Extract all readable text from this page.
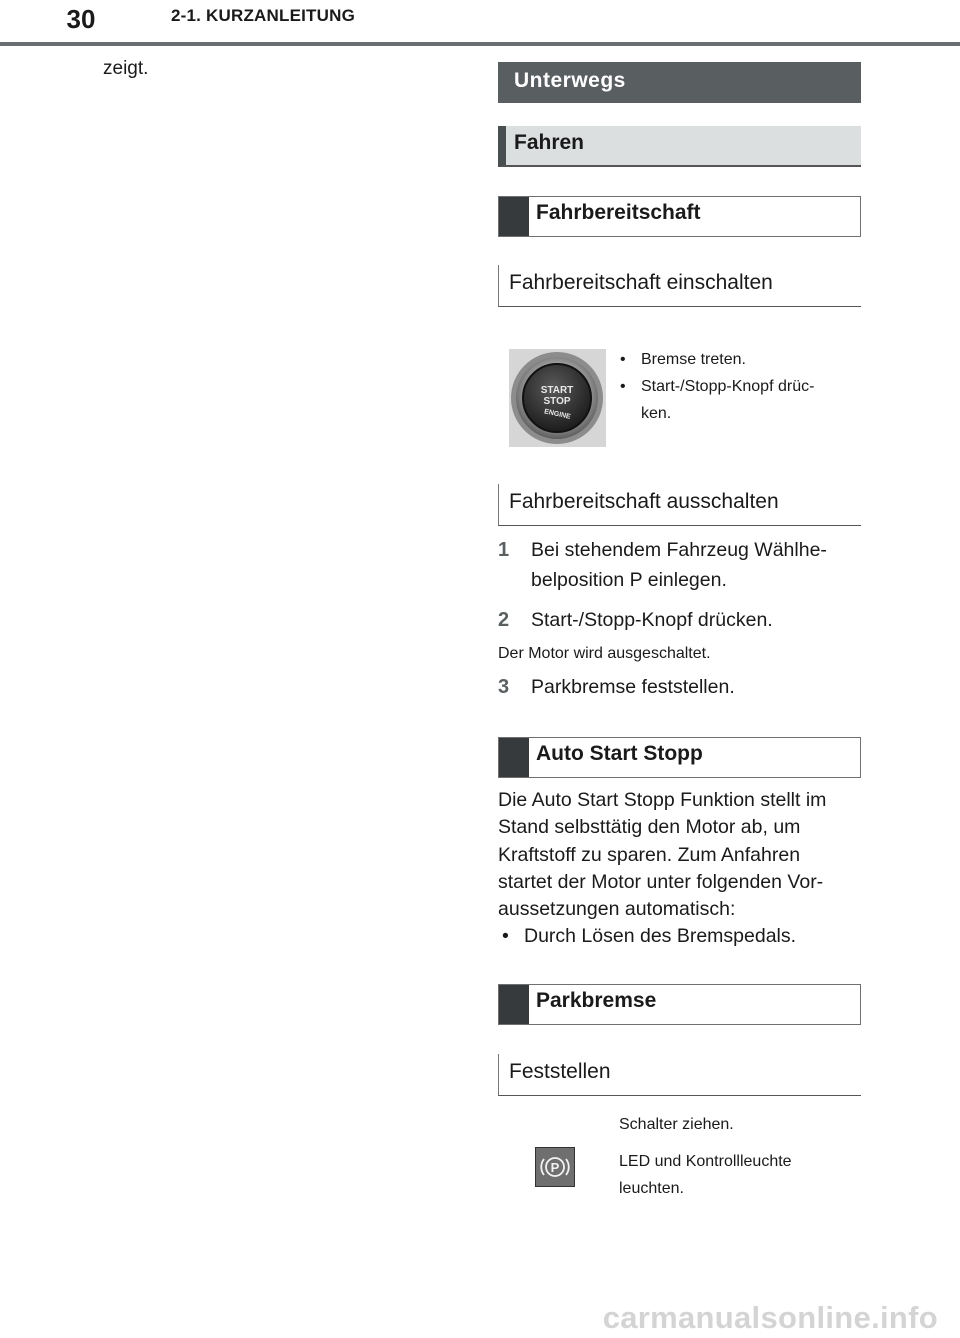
30	2-1. KURZANLEITUNG
zeigt.
Unterwegs
Fahren
Fahrbereitschaft
Fahrbereitschaft einschalten
START
STOP
ENGINE
• Bremse treten.
• Start-/Stopp-Knopf drüc-
ken.
Fahrbereitschaft ausschalten
1 Bei stehendem Fahrzeug Wählhe-
belposition P einlegen.
2	Start-/Stopp-Knopf drücken.
Der Motor wird ausgeschaltet.
3	Parkbremse feststellen.
Auto Start Stopp
Die Auto Start Stopp Funktion stellt im
Stand selbsttätig den Motor ab, um
Kraftstoff zu sparen. Zum Anfahren
startet der Motor unter folgenden Vor-
aussetzungen automatisch:
• Durch Lösen des Bremspedals.
Parkbremse
Feststellen
Schalter ziehen.
P	LED und Kontrollleuchte
leuchten.
carmanualsonline.info
